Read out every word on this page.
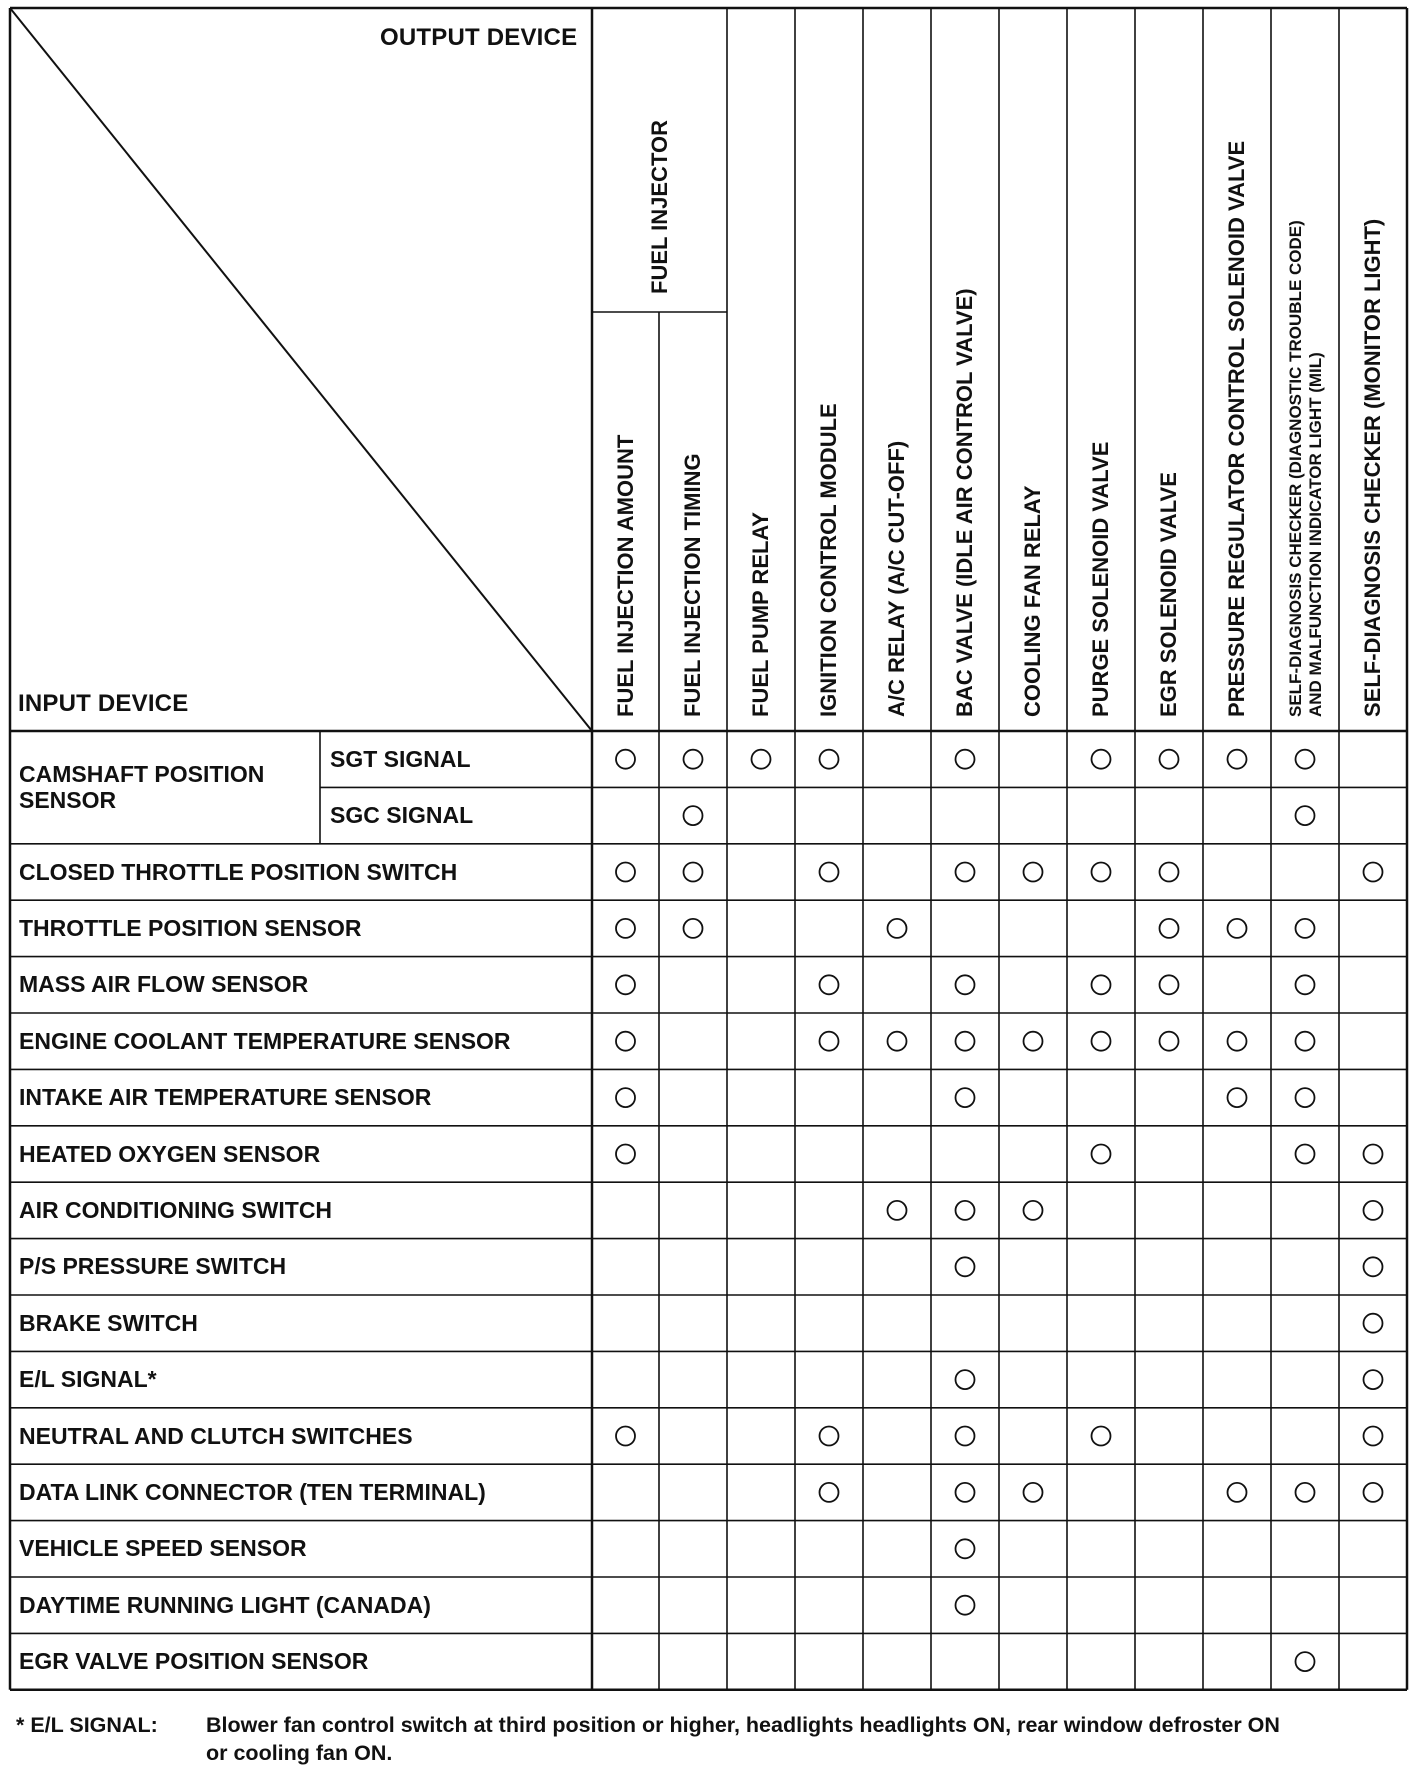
OUTPUT DEVICE
INPUT DEVICE	FUEL INJECTION AMOUNT FUEL INJECTION TIMING FUEL PUMP RELAY IGNITION CONTROL MODULE A/C RELAY (A/C CUT-OFF) BAC VALVE (IDLE AIR CONTROL VALVE) COOLING FAN RELAY PURGE SOLENOID VALVE EGR SOLENOID VALVE PRESSURE REGULATOR CONTROL SOLENOID VALVE SELF-DIAGNOSIS CHECKER (DIAGNOSTIC TROUBLE CODE)
AND MALFUNCTION INDICATOR LIGHT (MIL) SELF-DIAGNOSIS CHECKER (MONITOR LIGHT)
FUEL INJECTOR
CAMSHAFT POSITION
SENSOR
SGT SIGNAL
SGC SIGNAL
CLOSED THROTTLE POSITION SWITCH
THROTTLE POSITION SENSOR
MASS AIR FLOW SENSOR
ENGINE COOLANT TEMPERATURE SENSOR
INTAKE AIR TEMPERATURE SENSOR
HEATED OXYGEN SENSOR
AIR CONDITIONING SWITCH
P/S PRESSURE SWITCH
BRAKE SWITCH
E/L SIGNAL*
NEUTRAL AND CLUTCH SWITCHES
DATA LINK CONNECTOR (TEN TERMINAL)
VEHICLE SPEED SENSOR
DAYTIME RUNNING LIGHT (CANADA)
EGR VALVE POSITION SENSOR
* E/L SIGNAL: Blower fan control switch at third position or higher, headlights headlights ON, rear window defroster ON
or cooling fan ON.
